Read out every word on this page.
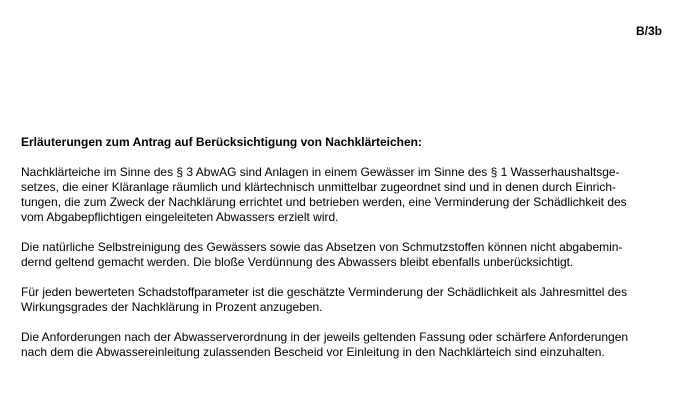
B/3b

Erläuterungen zum Antrag auf Berücksichtigung von Nachklärteichen:

Nachklärteiche im Sinne des § 3 AbwAG sind Anlagen in einem Gewässer im Sinne des § 1 Wasserhaushaltsge-
setzes, die einer Kläranlage räumlich und klärtechnisch unmittelbar zugeordnet sind und in denen durch Einrich-
tungen, die zum Zweck der Nachklärung errichtet und betrieben werden, eine Verminderung der Schädlichkeit des
vom Abgabepflichtigen eingeleiteten Abwassers erzielt wird.

Die natürliche Selbstreinigung des Gewässers sowie das Absetzen von Schmutzstoffen können nicht abgabemin-
dernd geltend gemacht werden. Die bloße Verdünnung des Abwassers bleibt ebenfalls unberücksichtigt.

Für jeden bewerteten Schadstoffparameter ist die geschätzte Verminderung der Schädlichkeit als Jahresmittel des
Wirkungsgrades der Nachklärung in Prozent anzugeben.

Die Anforderungen nach der Abwasserverordnung in der jeweils geltenden Fassung oder schärfere Anforderungen
nach dem die Abwassereinleitung zulassenden Bescheid vor Einleitung in den Nachklärteich sind einzuhalten.
